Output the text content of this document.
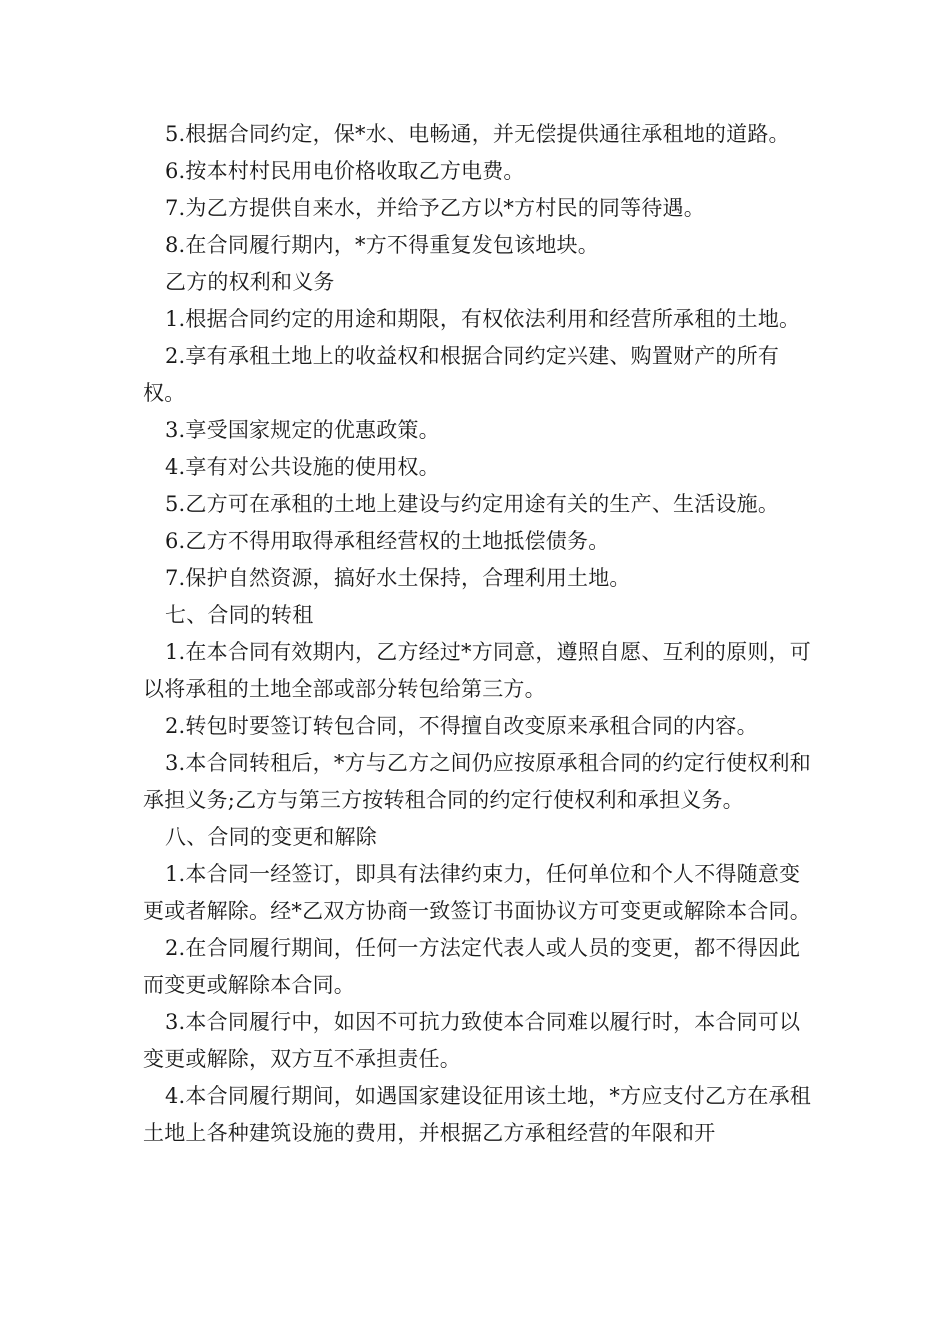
5.根据合同约定，保*水、电畅通，并无偿提供通往承租地的道路。

6.按本村村民用电价格收取乙方电费。

7.为乙方提供自来水，并给予乙方以*方村民的同等待遇。

8.在合同履行期内，*方不得重复发包该地块。

乙方的权利和义务

1.根据合同约定的用途和期限，有权依法利用和经营所承租的土地。

2.享有承租土地上的收益权和根据合同约定兴建、购置财产的所有权。

3.享受国家规定的优惠政策。

4.享有对公共设施的使用权。

5.乙方可在承租的土地上建设与约定用途有关的生产、生活设施。

6.乙方不得用取得承租经营权的土地抵偿债务。

7.保护自然资源，搞好水土保持，合理利用土地。

七、合同的转租

1.在本合同有效期内，乙方经过*方同意，遵照自愿、互利的原则，可以将承租的土地全部或部分转包给第三方。

2.转包时要签订转包合同，不得擅自改变原来承租合同的内容。

3.本合同转租后，*方与乙方之间仍应按原承租合同的约定行使权利和承担义务;乙方与第三方按转租合同的约定行使权利和承担义务。

八、合同的变更和解除

1.本合同一经签订，即具有法律约束力，任何单位和个人不得随意变更或者解除。经*乙双方协商一致签订书面协议方可变更或解除本合同。

2.在合同履行期间，任何一方法定代表人或人员的变更，都不得因此而变更或解除本合同。

3.本合同履行中，如因不可抗力致使本合同难以履行时，本合同可以变更或解除，双方互不承担责任。

4.本合同履行期间，如遇国家建设征用该土地，*方应支付乙方在承租土地上各种建筑设施的费用，并根据乙方承租经营的年限和开
